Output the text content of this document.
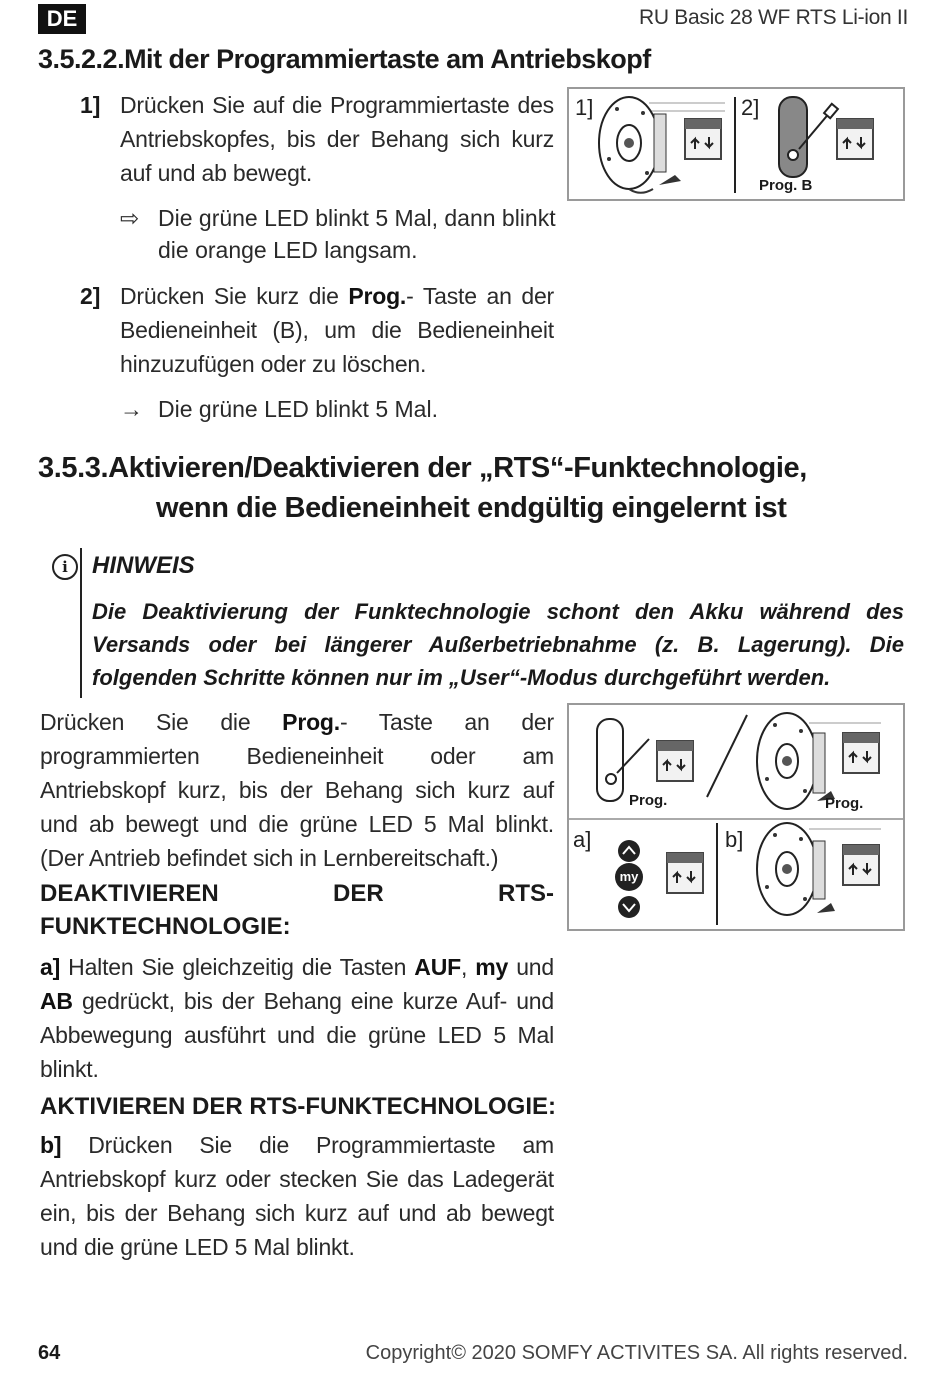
DE	RU Basic 28 WF RTS Li-ion II
3.5.2.2.Mit der Programmiertaste am Antriebskopf
1] Drücken Sie auf die Programmiertaste des Antriebskopfes, bis der Behang sich kurz auf und ab bewegt.
⇨ Die grüne LED blinkt 5 Mal, dann blinkt die orange LED langsam.
2] Drücken Sie kurz die Prog.- Taste an der Bedieneinheit (B), um die Bedieneinheit hinzuzufügen oder zu löschen.
→ Die grüne LED blinkt 5 Mal.
1]	2]
Prog. B
3.5.3.Aktivieren/Deaktivieren der „RTS“-Funktechnologie,
wenn die Bedieneinheit endgültig eingelernt ist
i	HINWEIS
Die Deaktivierung der Funktechnologie schont den Akku während des Versands oder bei längerer Außerbetriebnahme (z. B. Lagerung). Die folgenden Schritte können nur im „User“-Modus durchgeführt werden.
Drücken Sie die Prog.- Taste an der programmierten Bedieneinheit oder am Antriebskopf kurz, bis der Behang sich kurz auf und ab bewegt und die grüne LED 5 Mal blinkt. (Der Antrieb befindet sich in Lernbereitschaft.)
DEAKTIVIEREN DER RTS-FUNKTECHNOLOGIE:
a] Halten Sie gleichzeitig die Tasten AUF, my und AB gedrückt, bis der Behang eine kurze Auf- und Abbewegung ausführt und die grüne LED 5 Mal blinkt.
AKTIVIEREN DER RTS-FUNKTECHNOLOGIE:
b] Drücken Sie die Programmiertaste am Antriebskopf kurz oder stecken Sie das Ladegerät ein, bis der Behang sich kurz auf und ab bewegt und die grüne LED 5 Mal blinkt.
Prog.	Prog.
a]	b]
my
64	Copyright© 2020 SOMFY ACTIVITES SA. All rights reserved.
